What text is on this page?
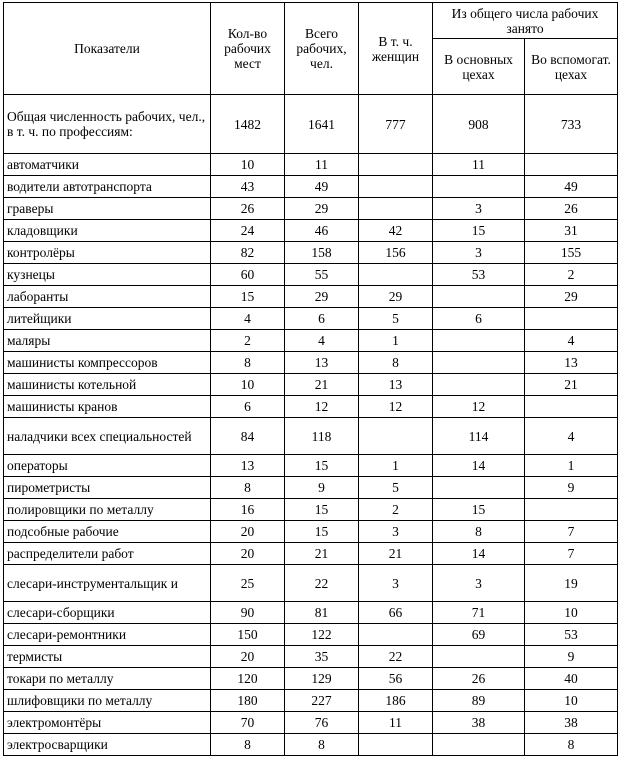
Показатели	Кол-во рабочих мест	Всего рабочих, чел.	В т. ч. женщин	Из общего числа рабочих занято	
				В основных цехах	Во вспомогат. цехах
Общая численность рабочих, чел., в т. ч. по профессиям:	1482	1641	777	908	733
автоматчики	10	11		11	
водители автотранспорта	43	49			49
граверы	26	29		3	26
кладовщики	24	46	42	15	31
контролёры	82	158	156	3	155
кузнецы	60	55		53	2
лаборанты	15	29	29		29
литейщики	4	6	5	6	
маляры	2	4	1		4
машинисты компрессоров	8	13	8		13
машинисты котельной	10	21	13		21
машинисты кранов	6	12	12	12	
наладчики всех специальностей	84	118		114	4
операторы	13	15	1	14	1
пирометристы	8	9	5		9
полировщики по металлу	16	15	2	15	
подсобные рабочие	20	15	3	8	7
распределители работ	20	21	21	14	7
слесари-инструментальщик и	25	22	3	3	19
слесари-сборщики	90	81	66	71	10
слесари-ремонтники	150	122		69	53
термисты	20	35	22		9
токари по металлу	120	129	56	26	40
шлифовщики по металлу	180	227	186	89	10
электромонтёры	70	76	11	38	38
электросварщики	8	8			8
